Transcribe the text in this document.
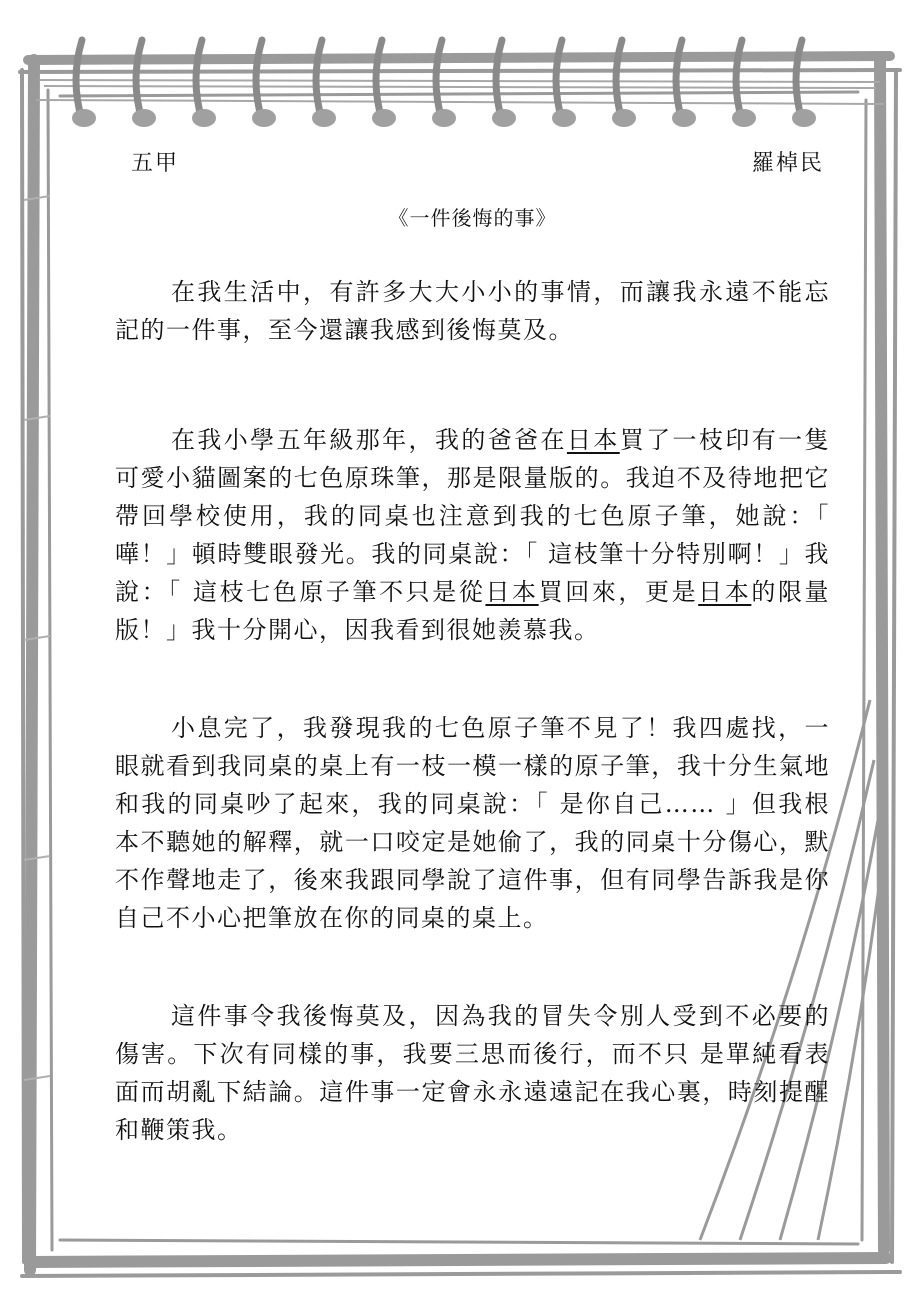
五甲	羅棹民
《一件後悔的事》

在我生活中，有許多大大小小的事情，而讓我永遠不能忘記的一件事，至今還讓我感到後悔莫及。

在我小學五年級那年，我的爸爸在日本買了一枝印有一隻可愛小貓圖案的七色原珠筆，那是限量版的。我迫不及待地把它帶回學校使用，我的同桌也注意到我的七色原子筆，她說：「 嘩！」頓時雙眼發光。我的同桌說：「 這枝筆十分特別啊！」我說：「 這枝七色原子筆不只是從日本買回來，更是日本的限量版！」我十分開心，因我看到很她羨慕我。

小息完了，我發現我的七色原子筆不見了！我四處找，一眼就看到我同桌的桌上有一枝一模一樣的原子筆，我十分生氣地和我的同桌吵了起來，我的同桌說：「 是你自己…… 」但我根本不聽她的解釋，就一口咬定是她偷了，我的同桌十分傷心，默不作聲地走了，後來我跟同學說了這件事，但有同學告訴我是你自己不小心把筆放在你的同桌的桌上。

這件事令我後悔莫及，因為我的冒失令別人受到不必要的傷害。下次有同樣的事，我要三思而後行，而不只 是單純看表面而胡亂下結論。這件事一定會永永遠遠記在我心裏，時刻提醒和鞭策我。
